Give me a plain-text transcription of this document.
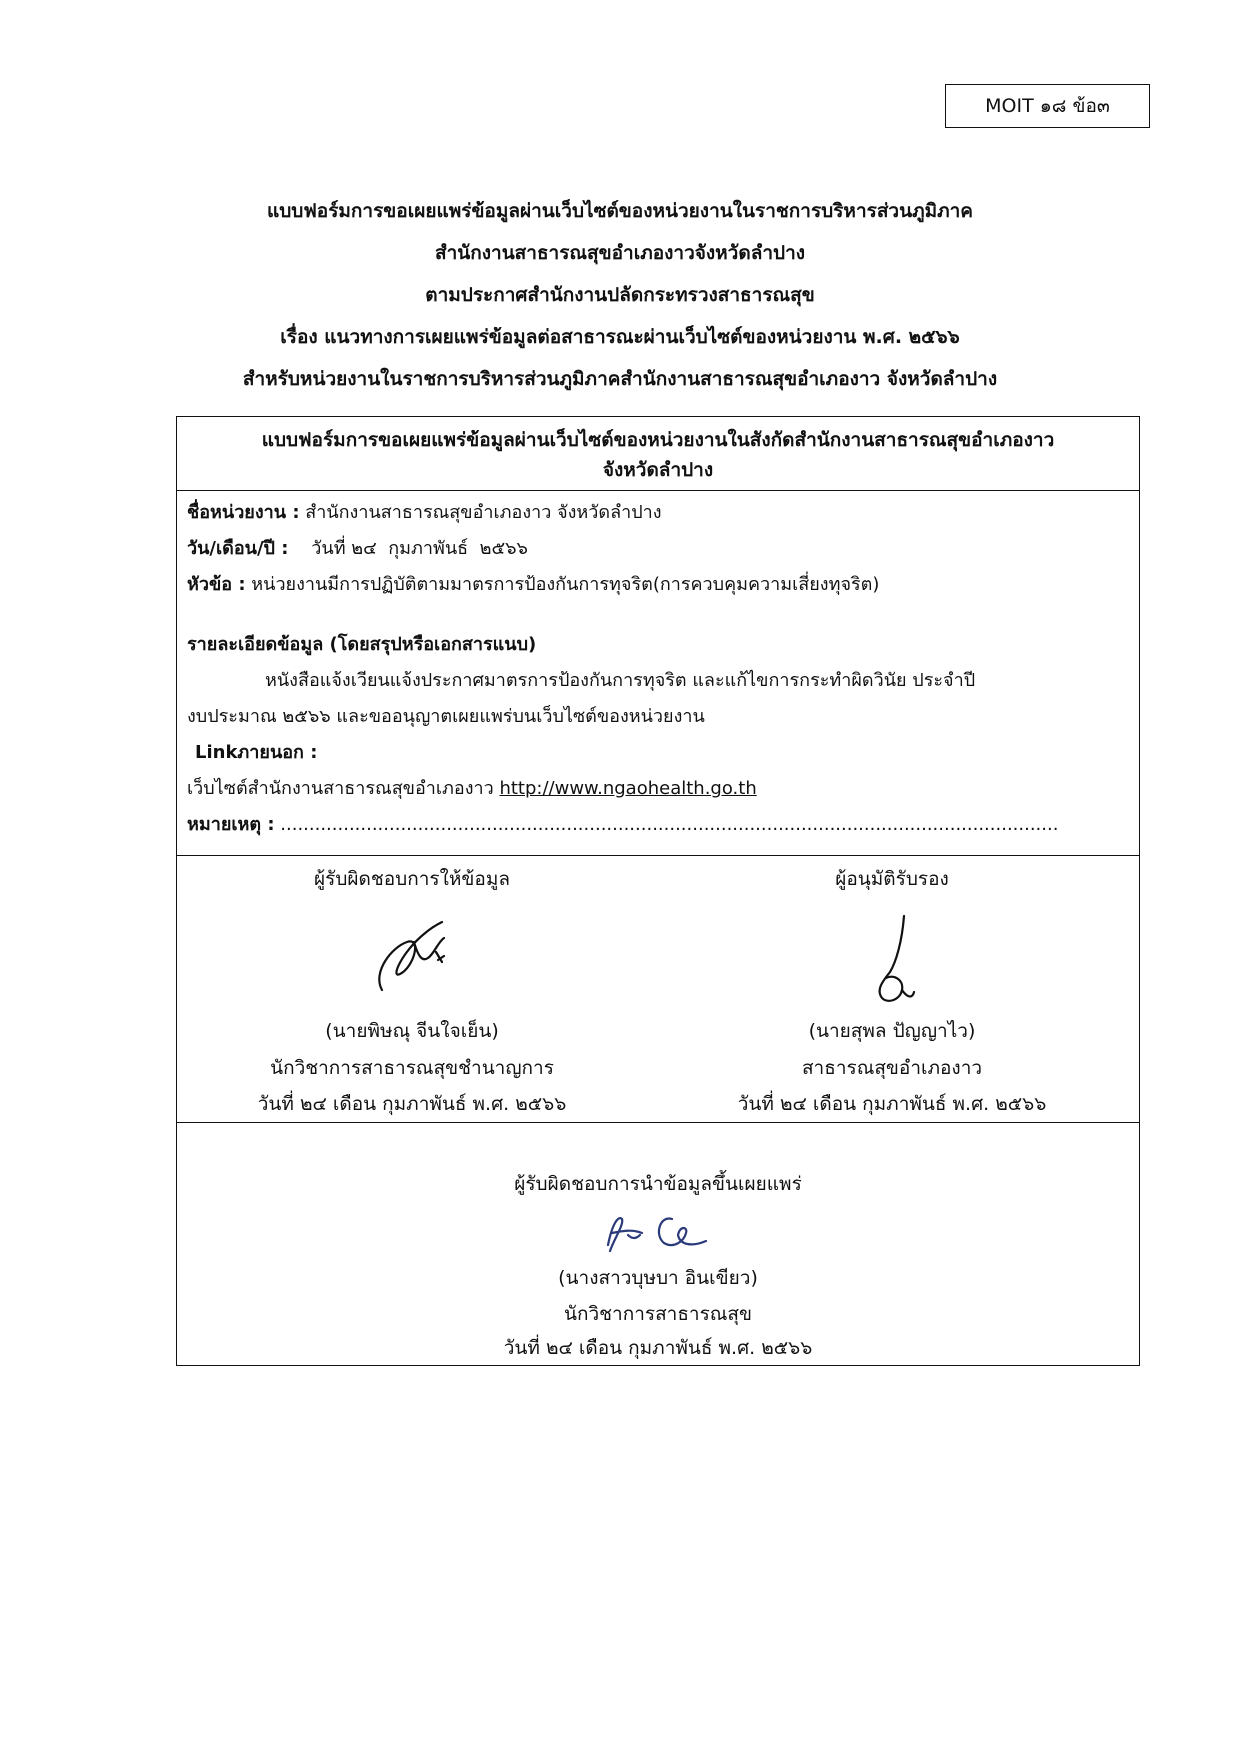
MOIT ๑๘ ข้อ๓
แบบฟอร์มการขอเผยแพร่ข้อมูลผ่านเว็บไซต์ของหน่วยงานในราชการบริหารส่วนภูมิภาค
สำนักงานสาธารณสุขอำเภองาวจังหวัดลำปาง
ตามประกาศสำนักงานปลัดกระทรวงสาธารณสุข
เรื่อง แนวทางการเผยแพร่ข้อมูลต่อสาธารณะผ่านเว็บไซต์ของหน่วยงาน พ.ศ. ๒๕๖๖
สำหรับหน่วยงานในราชการบริหารส่วนภูมิภาคสำนักงานสาธารณสุขอำเภองาว จังหวัดลำปาง
แบบฟอร์มการขอเผยแพร่ข้อมูลผ่านเว็บไซต์ของหน่วยงานในสังกัดสำนักงานสาธารณสุขอำเภองาว
จังหวัดลำปาง
ชื่อหน่วยงาน : สำนักงานสาธารณสุขอำเภองาว จังหวัดลำปาง
วัน/เดือน/ปี :    วันที่ ๒๔  กุมภาพันธ์  ๒๕๖๖
หัวข้อ : หน่วยงานมีการปฏิบัติตามมาตรการป้องกันการทุจริต(การควบคุมความเสี่ยงทุจริต)
รายละเอียดข้อมูล (โดยสรุปหรือเอกสารแนบ)
หนังสือแจ้งเวียนแจ้งประกาศมาตรการป้องกันการทุจริต และแก้ไขการกระทำผิดวินัย ประจำปี
งบประมาณ ๒๕๖๖ และขออนุญาตเผยแพร่บนเว็บไซต์ของหน่วยงาน
Linkภายนอก :
เว็บไซต์สำนักงานสาธารณสุขอำเภองาว http://www.ngaohealth.go.th
หมายเหตุ : ........................................................................................................................................
ผู้รับผิดชอบการให้ข้อมูล
(นายพิษณุ จีนใจเย็น)
นักวิชาการสาธารณสุขชำนาญการ
วันที่ ๒๔ เดือน กุมภาพันธ์ พ.ศ. ๒๕๖๖
ผู้อนุมัติรับรอง
(นายสุพล ปัญญาไว)
สาธารณสุขอำเภองาว
วันที่ ๒๔ เดือน กุมภาพันธ์ พ.ศ. ๒๕๖๖
ผู้รับผิดชอบการนำข้อมูลขึ้นเผยแพร่
(นางสาวบุษบา อินเขียว)
นักวิชาการสาธารณสุข
วันที่ ๒๔ เดือน กุมภาพันธ์ พ.ศ. ๒๕๖๖
